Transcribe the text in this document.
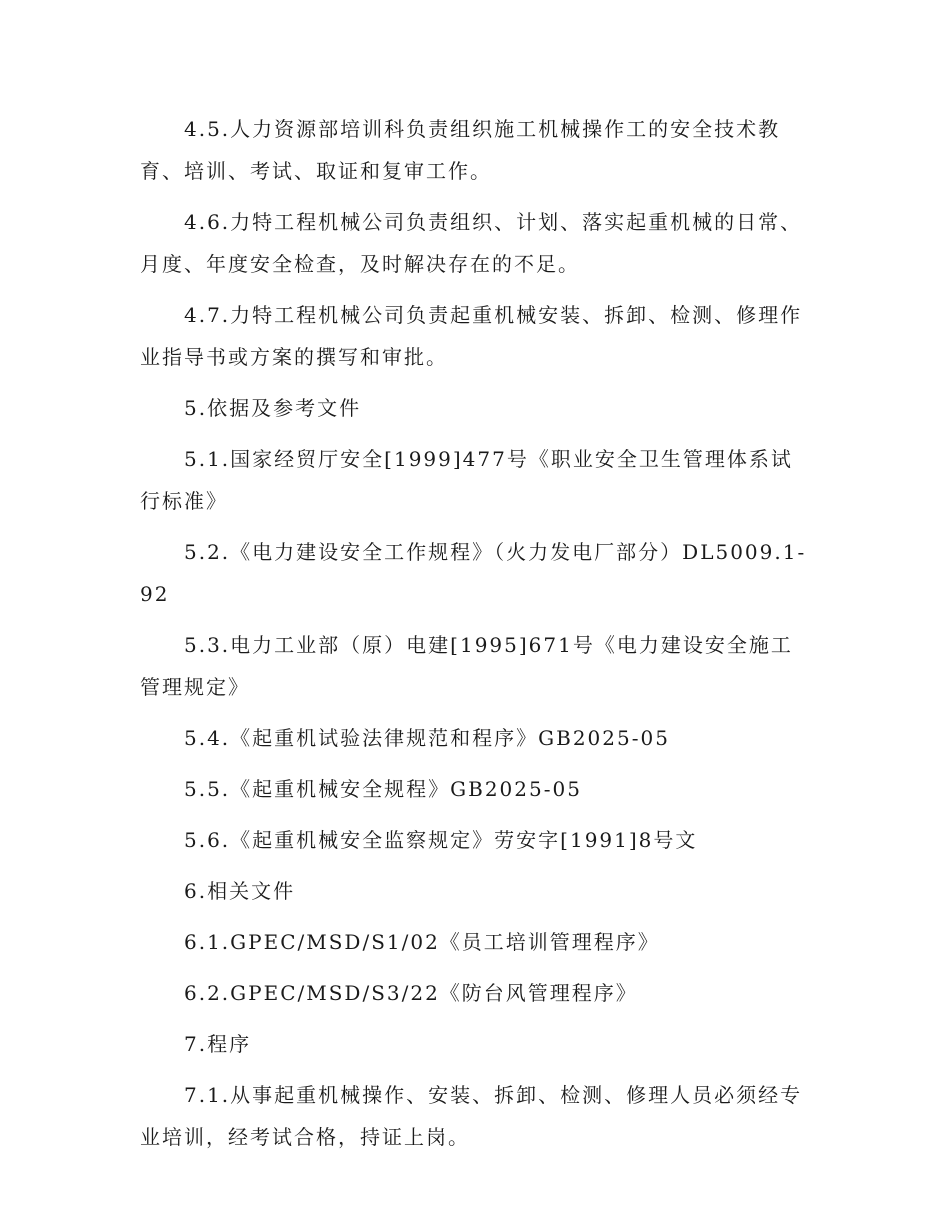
4.5.人力资源部培训科负责组织施工机械操作工的安全技术教育、培训、考试、取证和复审工作。

4.6.力特工程机械公司负责组织、计划、落实起重机械的日常、月度、年度安全检查，及时解决存在的不足。

4.7.力特工程机械公司负责起重机械安装、拆卸、检测、修理作业指导书或方案的撰写和审批。

5.依据及参考文件

5.1.国家经贸厅安全[1999]477号《职业安全卫生管理体系试行标准》

5.2.《电力建设安全工作规程》（火力发电厂部分）DL5009.1-92

5.3.电力工业部（原）电建[1995]671号《电力建设安全施工管理规定》

5.4.《起重机试验法律规范和程序》GB2025-05

5.5.《起重机械安全规程》GB2025-05

5.6.《起重机械安全监察规定》劳安字[1991]8号文

6.相关文件

6.1.GPEC/MSD/S1/02《员工培训管理程序》

6.2.GPEC/MSD/S3/22《防台风管理程序》

7.程序

7.1.从事起重机械操作、安装、拆卸、检测、修理人员必须经专业培训，经考试合格，持证上岗。
